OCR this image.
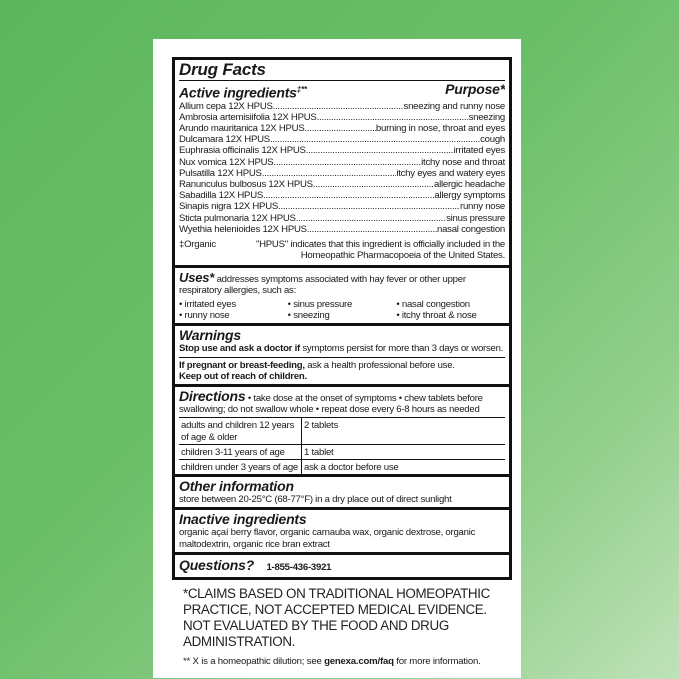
Drug Facts
Active ingredients‡**	Purpose*
Allium cepa 12X HPUS .....	sneezing and runny nose
Ambrosia artemisiifolia 12X HPUS .....	sneezing
Arundo mauritanica 12X HPUS .....	burning in nose, throat and eyes
Dulcamara 12X HPUS .....	cough
Euphrasia officinalis 12X HPUS .....	irritated eyes
Nux vomica 12X HPUS .....	itchy nose and throat
Pulsatilla 12X HPUS .....	itchy eyes and watery eyes
Ranunculus bulbosus 12X HPUS .....	allergic headache
Sabadilla 12X HPUS .....	allergy symptoms
Sinapis nigra 12X HPUS .....	runny nose
Sticta pulmonaria 12X HPUS .....	sinus pressure
Wyethia helenioides 12X HPUS .....	nasal congestion
‡Organic	"HPUS" indicates that this ingredient is officially included in the Homeopathic Pharmacopoeia of the United States.
Uses* addresses symptoms associated with hay fever or other upper respiratory allergies, such as:
• irritated eyes
• runny nose
• sinus pressure
• sneezing
• nasal congestion
• itchy throat & nose
Warnings
Stop use and ask a doctor if symptoms persist for more than 3 days or worsen.
If pregnant or breast-feeding, ask a health professional before use.
Keep out of reach of children.
Directions • take dose at the onset of symptoms • chew tablets before swallowing; do not swallow whole • repeat dose every 6-8 hours as needed
adults and children 12 years of age & older	2 tablets
children 3-11 years of age	1 tablet
children under 3 years of age	ask a doctor before use
Other information
store between 20-25°C (68-77°F) in a dry place out of direct sunlight
Inactive ingredients
organic açaí berry flavor, organic carnauba wax, organic dextrose, organic maltodextrin, organic rice bran extract
Questions? 1-855-436-3921
*CLAIMS BASED ON TRADITIONAL HOMEOPATHIC PRACTICE, NOT ACCEPTED MEDICAL EVIDENCE. NOT EVALUATED BY THE FOOD AND DRUG ADMINISTRATION.
** X is a homeopathic dilution; see genexa.com/faq for more information.
